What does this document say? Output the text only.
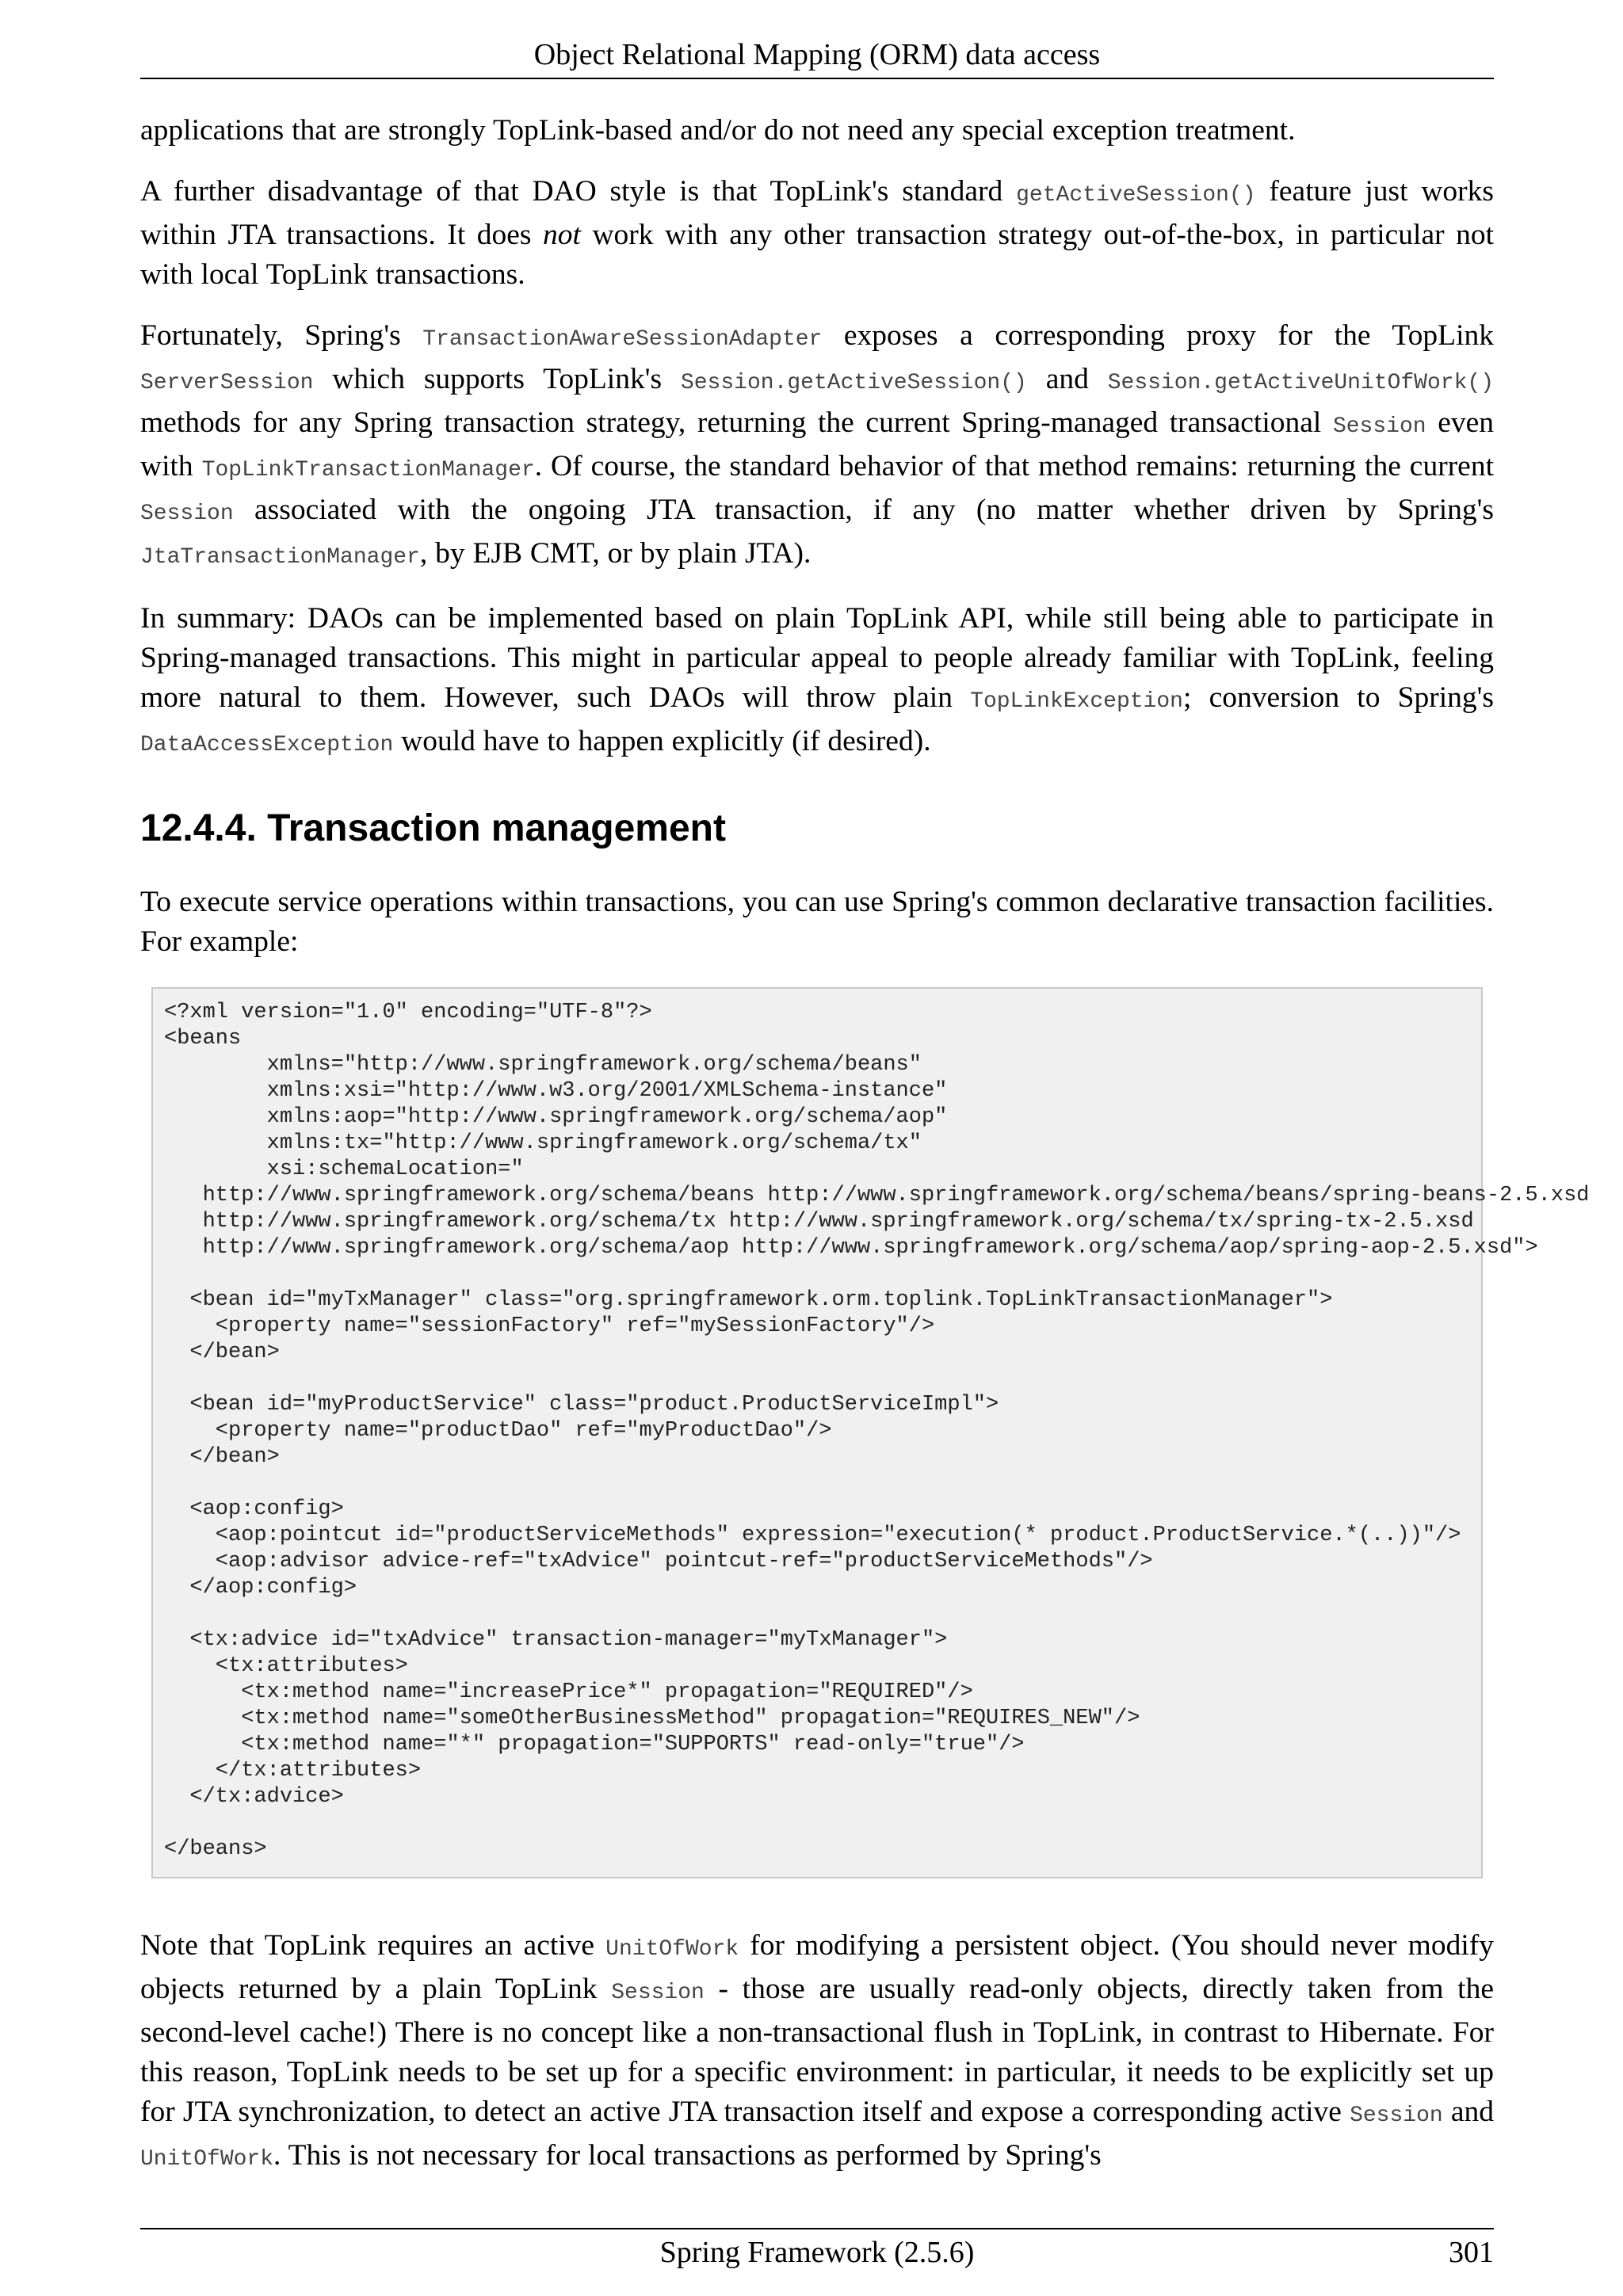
Object Relational Mapping (ORM) data access

applications that are strongly TopLink-based and/or do not need any special exception treatment.

A further disadvantage of that DAO style is that TopLink's standard getActiveSession() feature just works within JTA transactions. It does not work with any other transaction strategy out-of-the-box, in particular not with local TopLink transactions.

Fortunately, Spring's TransactionAwareSessionAdapter exposes a corresponding proxy for the TopLink ServerSession which supports TopLink's Session.getActiveSession() and Session.getActiveUnitOfWork() methods for any Spring transaction strategy, returning the current Spring-managed transactional Session even with TopLinkTransactionManager. Of course, the standard behavior of that method remains: returning the current Session associated with the ongoing JTA transaction, if any (no matter whether driven by Spring's JtaTransactionManager, by EJB CMT, or by plain JTA).

In summary: DAOs can be implemented based on plain TopLink API, while still being able to participate in Spring-managed transactions. This might in particular appeal to people already familiar with TopLink, feeling more natural to them. However, such DAOs will throw plain TopLinkException; conversion to Spring's DataAccessException would have to happen explicitly (if desired).

12.4.4. Transaction management

To execute service operations within transactions, you can use Spring's common declarative transaction facilities. For example:

<?xml version="1.0" encoding="UTF-8"?>
<beans
xmlns="http://www.springframework.org/schema/beans"
xmlns:xsi="http://www.w3.org/2001/XMLSchema-instance"
xmlns:aop="http://www.springframework.org/schema/aop"
xmlns:tx="http://www.springframework.org/schema/tx"
xsi:schemaLocation="
http://www.springframework.org/schema/beans http://www.springframework.org/schema/beans/spring-beans-2.5.xsd
http://www.springframework.org/schema/tx http://www.springframework.org/schema/tx/spring-tx-2.5.xsd
http://www.springframework.org/schema/aop http://www.springframework.org/schema/aop/spring-aop-2.5.xsd">

<bean id="myTxManager" class="org.springframework.orm.toplink.TopLinkTransactionManager">
<property name="sessionFactory" ref="mySessionFactory"/>
</bean>

<bean id="myProductService" class="product.ProductServiceImpl">
<property name="productDao" ref="myProductDao"/>
</bean>

<aop:config>
<aop:pointcut id="productServiceMethods" expression="execution(* product.ProductService.*(..))"/>
<aop:advisor advice-ref="txAdvice" pointcut-ref="productServiceMethods"/>
</aop:config>

<tx:advice id="txAdvice" transaction-manager="myTxManager">
<tx:attributes>
<tx:method name="increasePrice*" propagation="REQUIRED"/>
<tx:method name="someOtherBusinessMethod" propagation="REQUIRES_NEW"/>
<tx:method name="*" propagation="SUPPORTS" read-only="true"/>
</tx:attributes>
</tx:advice>

</beans>

Note that TopLink requires an active UnitOfWork for modifying a persistent object. (You should never modify objects returned by a plain TopLink Session - those are usually read-only objects, directly taken from the second-level cache!) There is no concept like a non-transactional flush in TopLink, in contrast to Hibernate. For this reason, TopLink needs to be set up for a specific environment: in particular, it needs to be explicitly set up for JTA synchronization, to detect an active JTA transaction itself and expose a corresponding active Session and UnitOfWork. This is not necessary for local transactions as performed by Spring's

Spring Framework (2.5.6)	301
